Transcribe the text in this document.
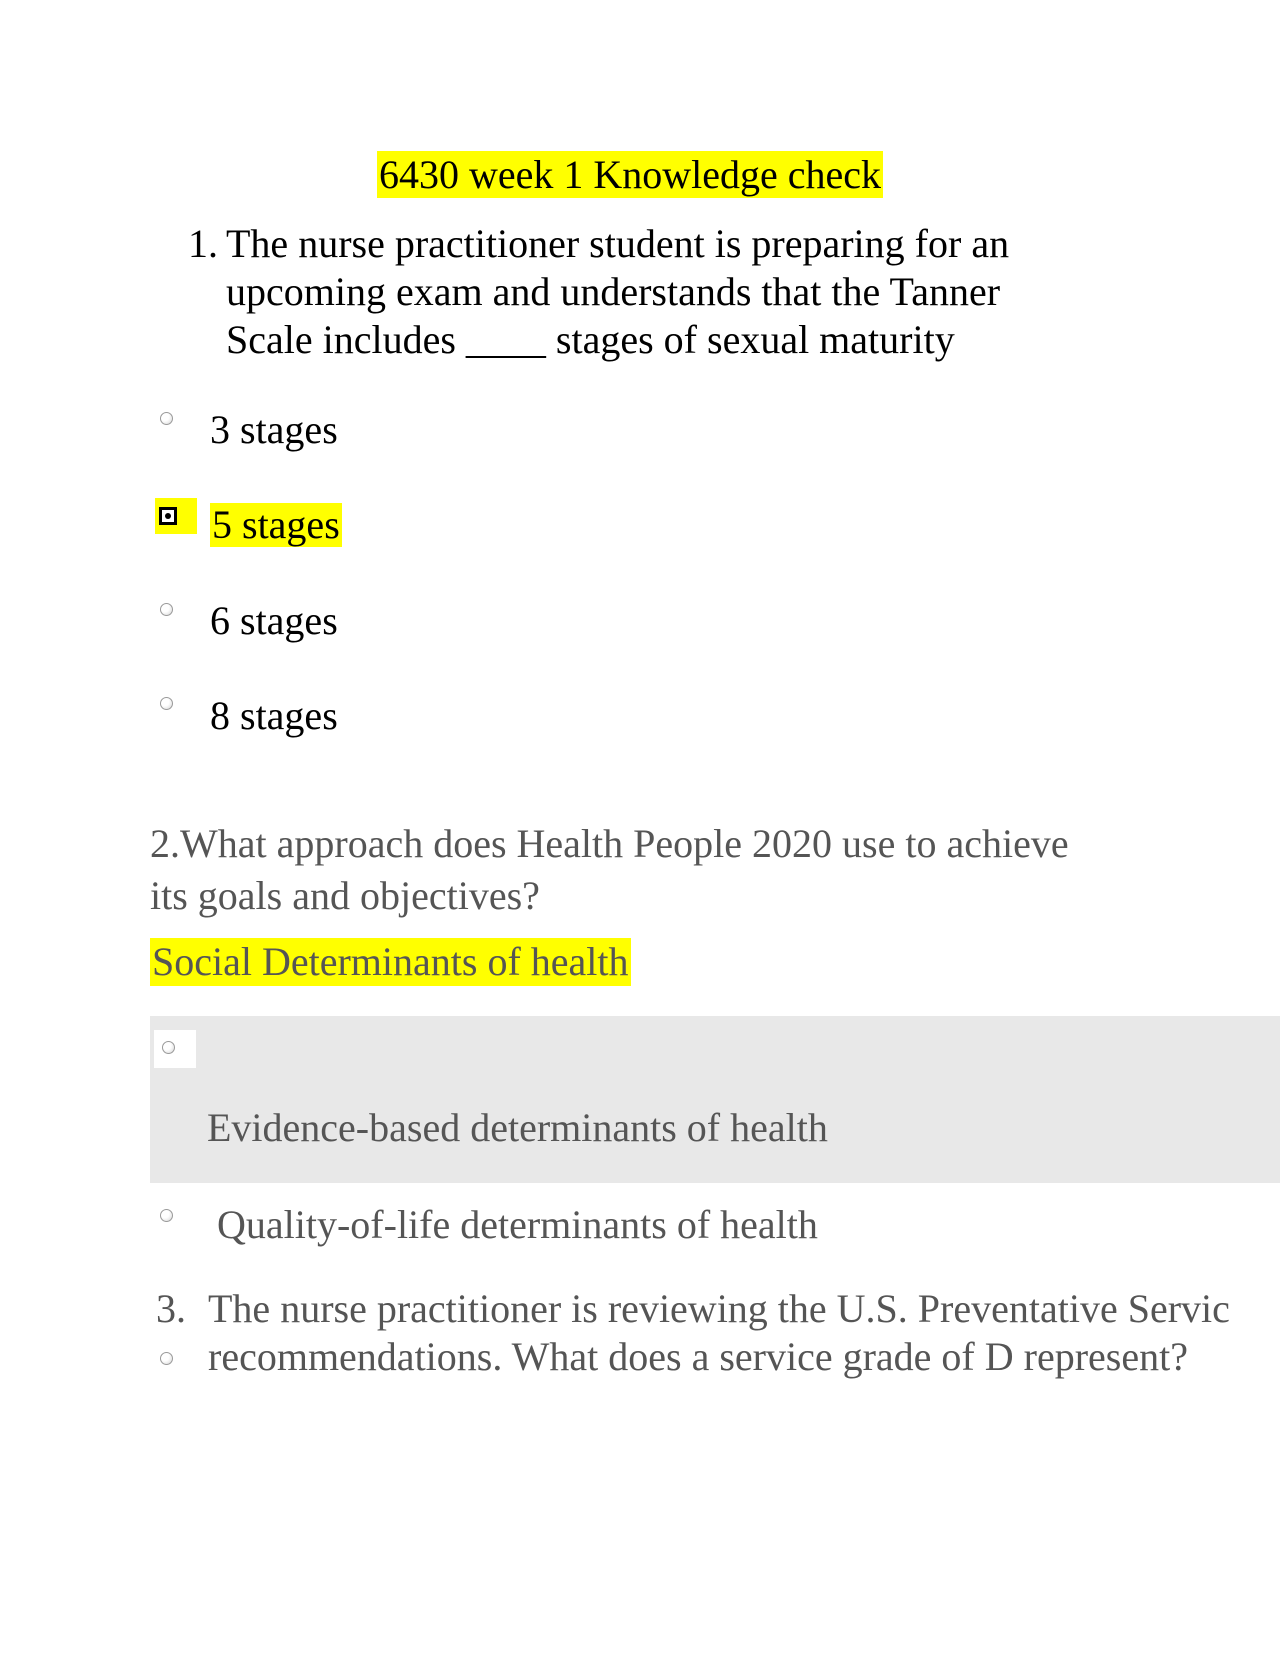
6430 week 1 Knowledge check
1. The nurse practitioner student is preparing for an
upcoming exam and understands that the Tanner
Scale includes ____ stages of sexual maturity
3 stages
5 stages
6 stages
8 stages
2.What approach does Health People 2020 use to achieve
its goals and objectives?
Social Determinants of health
Evidence-based determinants of health
Quality-of-life determinants of health
3. The nurse practitioner is reviewing the U.S. Preventative Servic
recommendations. What does a service grade of D represent?
